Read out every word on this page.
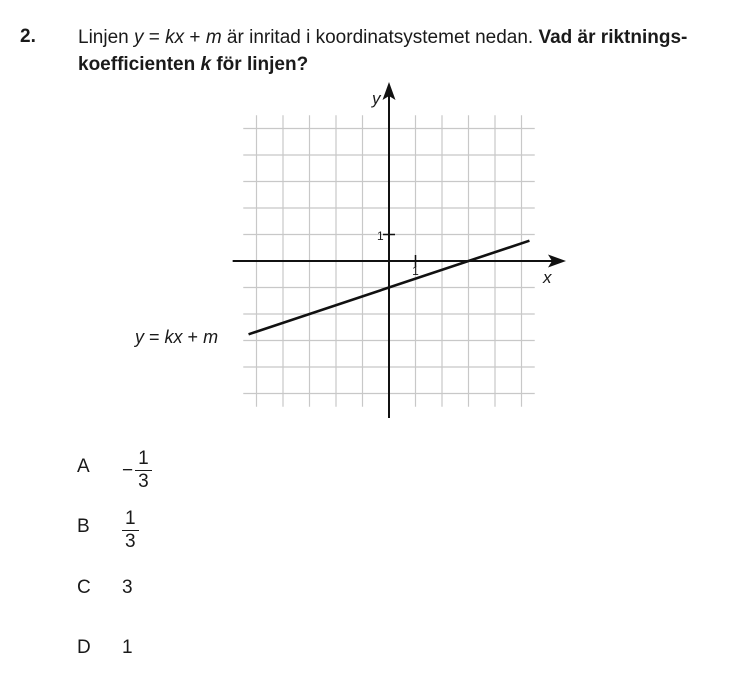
2. Linjen y = kx + m är inritad i koordinatsystemet nedan. Vad är riktnings-koefficienten k för linjen?
x
y
1
1
y = kx + m
$A - \frac{1}{3}$
B $\frac{1}{3}$
C 3
D 1
